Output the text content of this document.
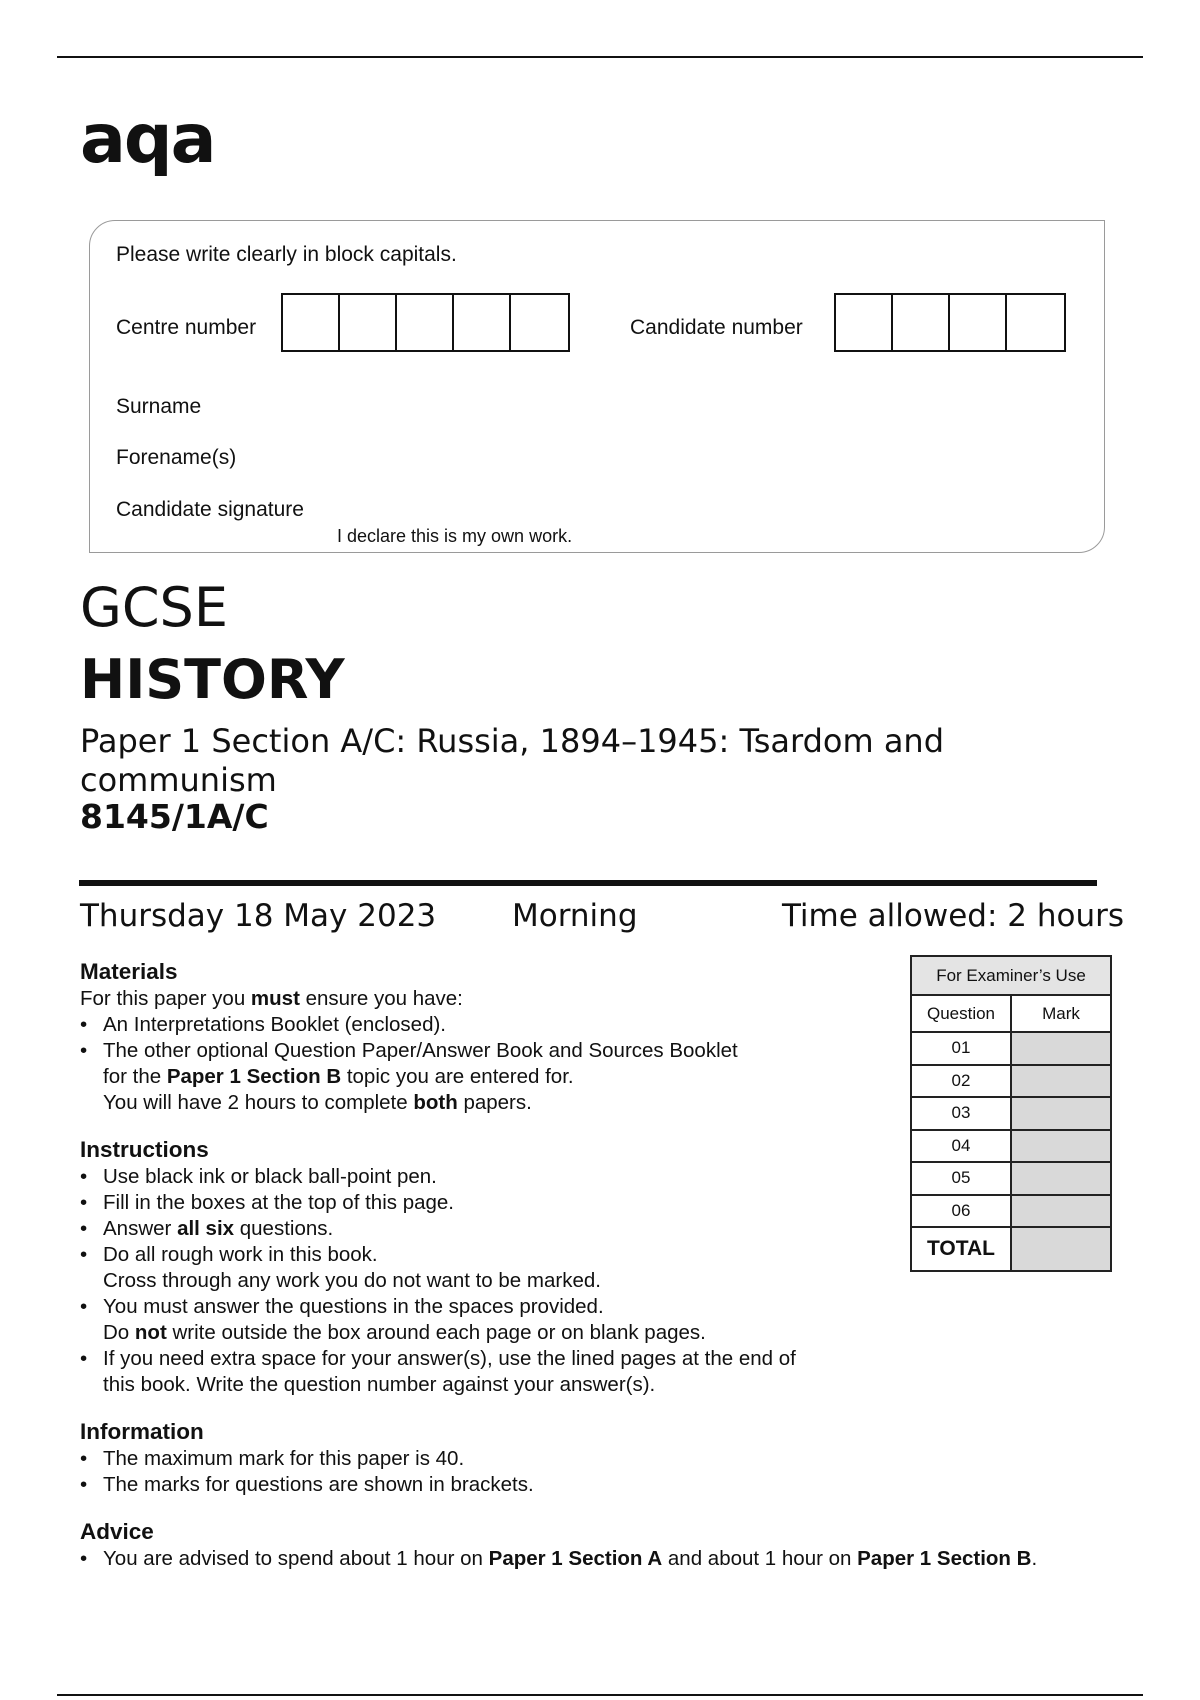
aqa
Please write clearly in block capitals.
Centre number	Candidate number
Surname
Forename(s)
Candidate signature
I declare this is my own work.
GCSE
HISTORY
Paper 1 Section A/C: Russia, 1894–1945: Tsardom and communism
8145/1A/C
Thursday 18 May 2023 Morning	Time allowed: 2 hours
Materials
For this paper you must ensure you have:
• An Interpretations Booklet (enclosed).
• The other optional Question Paper/Answer Book and Sources Booklet
for the Paper 1 Section B topic you are entered for.
You will have 2 hours to complete both papers.
Instructions
• Use black ink or black ball-point pen.
• Fill in the boxes at the top of this page.
• Answer all six questions.
• Do all rough work in this book.
Cross through any work you do not want to be marked.
• You must answer the questions in the spaces provided.
Do not write outside the box around each page or on blank pages.
• If you need extra space for your answer(s), use the lined pages at the end of
this book. Write the question number against your answer(s).
Information
• The maximum mark for this paper is 40.
• The marks for questions are shown in brackets.
Advice
• You are advised to spend about 1 hour on Paper 1 Section A and about 1 hour on Paper 1 Section B.
For Examiner’s Use	
Question	Mark
01	
02	
03	
04	
05	
06	
TOTAL	
